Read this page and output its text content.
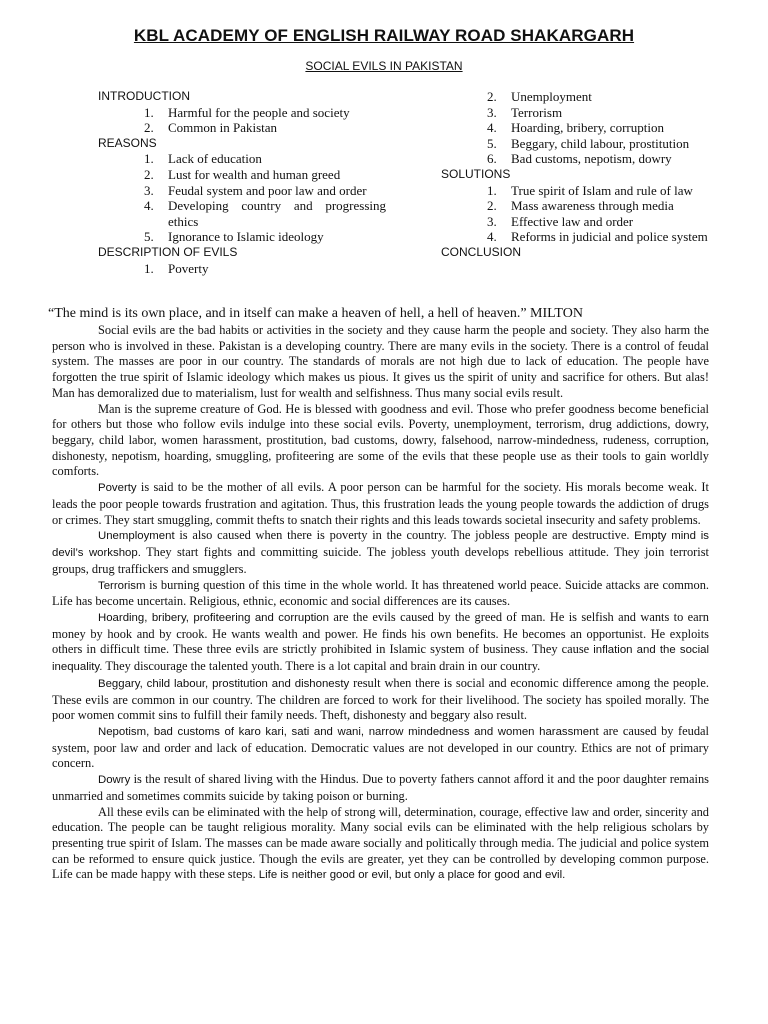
KBL ACADEMY OF ENGLISH RAILWAY ROAD SHAKARGARH
SOCIAL EVILS IN PAKISTAN
INTRODUCTION
1. Harmful for the people and society
2. Common in Pakistan
REASONS
1. Lack of education
2. Lust for wealth and human greed
3. Feudal system and poor law and order
4. Developing country and progressing ethics
5. Ignorance to Islamic ideology
DESCRIPTION OF EVILS
1. Poverty
2. Unemployment
3. Terrorism
4. Hoarding, bribery, corruption
5. Beggary, child labour, prostitution
6. Bad customs, nepotism, dowry
SOLUTIONS
1. True spirit of Islam and rule of law
2. Mass awareness through media
3. Effective law and order
4. Reforms in judicial and police system
CONCLUSION
“The mind is its own place, and in itself can make a heaven of hell, a hell of heaven.” MILTON

Social evils are the bad habits or activities in the society and they cause harm the people and society. They also harm the person who is involved in these. Pakistan is a developing country. There are many evils in the society. There is a control of feudal system. The masses are poor in our country. The standards of morals are not high due to lack of education. The people have forgotten the true spirit of Islamic ideology which makes us pious. It gives us the spirit of unity and sacrifice for others. But alas! Man has demoralized due to materialism, lust for wealth and selfishness. Thus many social evils result.

Man is the supreme creature of God. He is blessed with goodness and evil. Those who prefer goodness become beneficial for others but those who follow evils indulge into these social evils. Poverty, unemployment, terrorism, drug addictions, dowry, beggary, child labor, women harassment, prostitution, bad customs, dowry, falsehood, narrow-mindedness, rudeness, corruption, dishonesty, nepotism, hoarding, smuggling, profiteering are some of the evils that these people use as their tools to gain worldly comforts.

Poverty is said to be the mother of all evils. A poor person can be harmful for the society. His morals become weak. It leads the poor people towards frustration and agitation. Thus, this frustration leads the young people towards the addiction of drugs or crimes. They start smuggling, commit thefts to snatch their rights and this leads towards societal insecurity and safety problems.

Unemployment is also caused when there is poverty in the country. The jobless people are destructive. Empty mind is devil’s workshop. They start fights and committing suicide. The jobless youth develops rebellious attitude. They join terrorist groups, drug traffickers and smugglers.

Terrorism is burning question of this time in the whole world. It has threatened world peace. Suicide attacks are common. Life has become uncertain. Religious, ethnic, economic and social differences are its causes.

Hoarding, bribery, profiteering and corruption are the evils caused by the greed of man. He is selfish and wants to earn money by hook and by crook. He wants wealth and power. He finds his own benefits. He becomes an opportunist. He exploits others in difficult time. These three evils are strictly prohibited in Islamic system of business. They cause inflation and the social inequality. They discourage the talented youth. There is a lot capital and brain drain in our country.

Beggary, child labour, prostitution and dishonesty result when there is social and economic difference among the people. These evils are common in our country. The children are forced to work for their livelihood. The society has spoiled morally. The poor women commit sins to fulfill their family needs. Theft, dishonesty and beggary also result.

Nepotism, bad customs of karo kari, sati and wani, narrow mindedness and women harassment are caused by feudal system, poor law and order and lack of education. Democratic values are not developed in our country. Ethics are not of primary concern.

Dowry is the result of shared living with the Hindus. Due to poverty fathers cannot afford it and the poor daughter remains unmarried and sometimes commits suicide by taking poison or burning.

All these evils can be eliminated with the help of strong will, determination, courage, effective law and order, sincerity and education. The people can be taught religious morality. Many social evils can be eliminated with the help religious scholars by presenting true spirit of Islam. The masses can be made aware socially and politically through media. The judicial and police system can be reformed to ensure quick justice. Though the evils are greater, yet they can be controlled by developing common purpose. Life can be made happy with these steps. Life is neither good or evil, but only a place for good and evil.
